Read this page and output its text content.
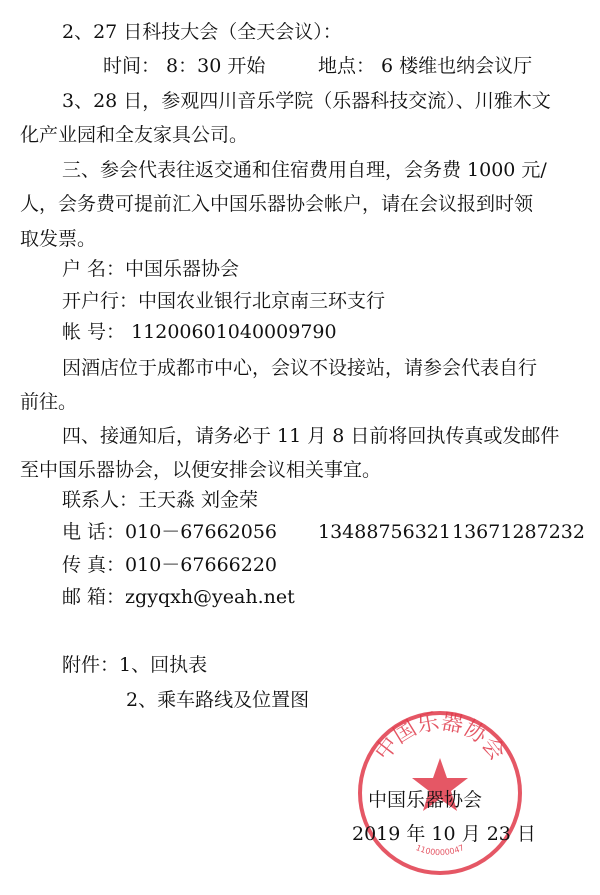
2、27 日科技大会（全天会议）：
时间： 8：30 开始	地点： 6 楼维也纳会议厅
3、28 日，参观四川音乐学院（乐器科技交流）、川雅木文
化产业园和全友家具公司。
三、参会代表往返交通和住宿费用自理，会务费 1000 元/
人，会务费可提前汇入中国乐器协会帐户，请在会议报到时领
取发票。
户 名：中国乐器协会
开户行：中国农业银行北京南三环支行
帐 号： 11200601040009790
因酒店位于成都市中心，会议不设接站，请参会代表自行
前往。
四、接通知后，请务必于 11 月 8 日前将回执传真或发邮件
至中国乐器协会，以便安排会议相关事宜。
联系人：王天淼 刘金荣
电 话：010－67662056 13488756321 13671287232
传 真：010－67666220
邮 箱：zgyqxh@yeah.net
附件：1、回执表
2、乘车路线及位置图
中国乐器协会
1100000047
中国乐器协会
2019 年 10 月 23 日
